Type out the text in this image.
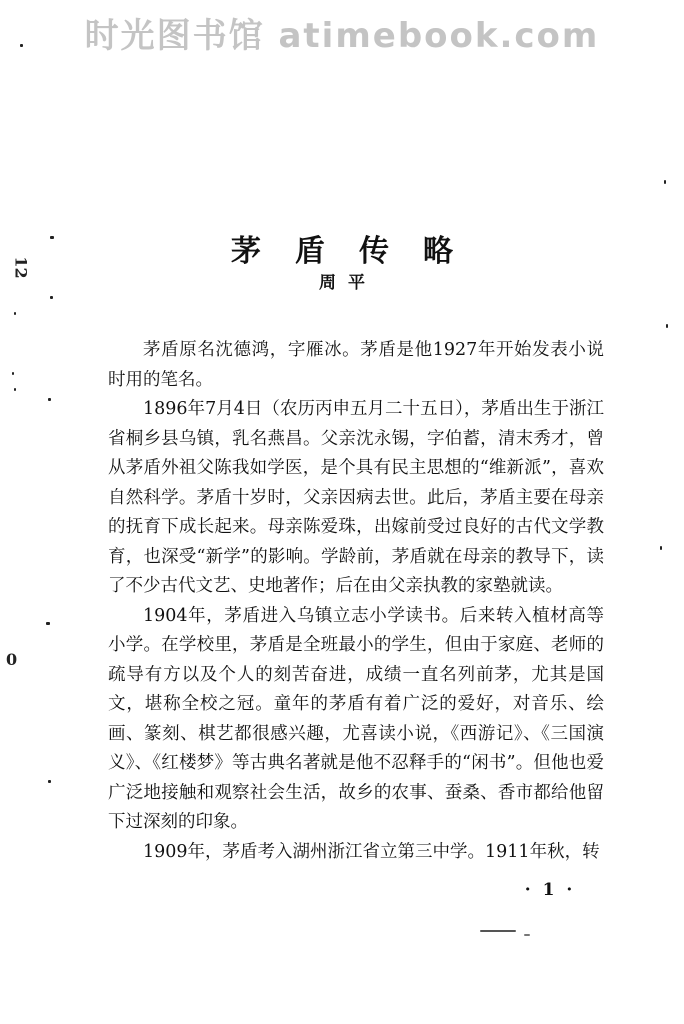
时光图书馆 atimebook.com
茅盾传略
周平

茅盾原名沈德鸿，字雁冰。茅盾是他1927年开始发表小说时用的笔名。

1896年7月4日（农历丙申五月二十五日），茅盾出生于浙江省桐乡县乌镇，乳名燕昌。父亲沈永锡，字伯蓄，清末秀才，曾从茅盾外祖父陈我如学医，是个具有民主思想的“维新派”，喜欢自然科学。茅盾十岁时，父亲因病去世。此后，茅盾主要在母亲的抚育下成长起来。母亲陈爱珠，出嫁前受过良好的古代文学教育，也深受“新学”的影响。学龄前，茅盾就在母亲的教导下，读了不少古代文艺、史地著作；后在由父亲执教的家塾就读。

1904年，茅盾进入乌镇立志小学读书。后来转入植材高等小学。在学校里，茅盾是全班最小的学生，但由于家庭、老师的疏导有方以及个人的刻苦奋进，成绩一直名列前茅，尤其是国文，堪称全校之冠。童年的茅盾有着广泛的爱好，对音乐、绘画、篆刻、棋艺都很感兴趣，尤喜读小说，《西游记》、《三国演义》、《红楼梦》等古典名著就是他不忍释手的“闲书”。但他也爱广泛地接触和观察社会生活，故乡的农事、蚕桑、香市都给他留下过深刻的印象。

1909年，茅盾考入湖州浙江省立第三中学。1911年秋，转

· 1 ·
12
0
